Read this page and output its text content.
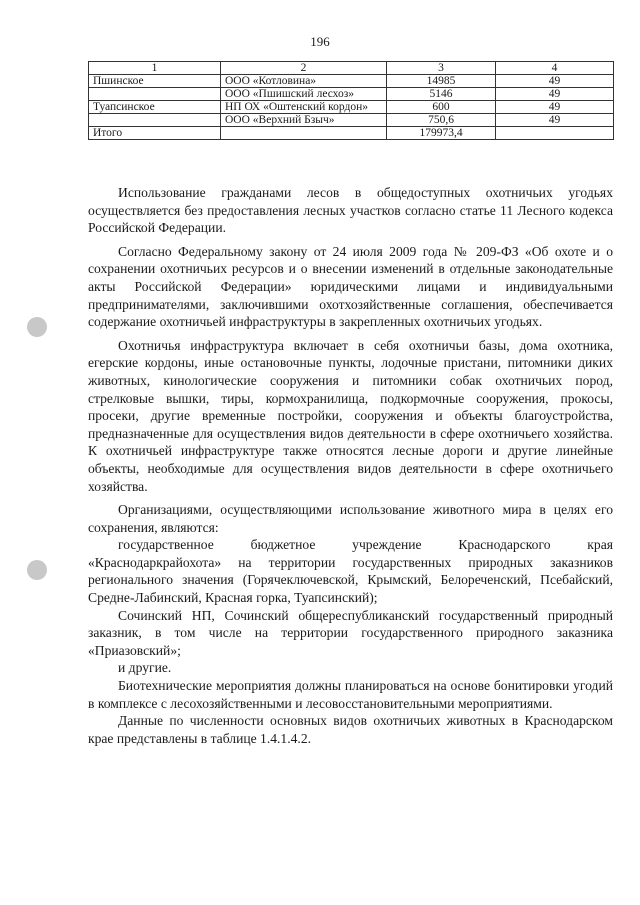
196
1	2	3	4
Пшинское	ООО «Котловина»	14985	49
	ООО «Пшишский лесхоз»	5146	49
Туапсинское	НП ОХ «Оштенский кордон»	600	49
	ООО «Верхний Бзыч»	750,6	49
Итого		179973,4	

Использование гражданами лесов в общедоступных охотничьих угодьях осуществляется без предоставления лесных участков согласно статье 11 Лесного кодекса Российской Федерации.

Согласно Федеральному закону от 24 июля 2009 года № 209-ФЗ «Об охоте и о сохранении охотничьих ресурсов и о внесении изменений в отдельные законодательные акты Российской Федерации» юридическими лицами и индивидуальными предпринимателями, заключившими охотхозяйственные соглашения, обеспечивается содержание охотничьей инфраструктуры в закрепленных охотничьих угодьях.

Охотничья инфраструктура включает в себя охотничьи базы, дома охотника, егерские кордоны, иные остановочные пункты, лодочные пристани, питомники диких животных, кинологические сооружения и питомники собак охотничьих пород, стрелковые вышки, тиры, кормохранилища, подкормочные сооружения, прокосы, просеки, другие временные постройки, сооружения и объекты благоустройства, предназначенные для осуществления видов деятельности в сфере охотничьего хозяйства. К охотничьей инфраструктуре также относятся лесные дороги и другие линейные объекты, необходимые для осуществления видов деятельности в сфере охотничьего хозяйства.

Организациями, осуществляющими использование животного мира в целях его сохранения, являются:

государственное бюджетное учреждение Краснодарского края «Краснодаркрайохота» на территории государственных природных заказников регионального значения (Горячеключевской, Крымский, Белореченский, Псебайский, Средне-Лабинский, Красная горка, Туапсинский);

Сочинский НП, Сочинский общереспубликанский государственный природный заказник, в том числе на территории государственного природного заказника «Приазовский»;

и другие.

Биотехнические мероприятия должны планироваться на основе бонитировки угодий в комплексе с лесохозяйственными и лесовосстановительными мероприятиями.

Данные по численности основных видов охотничьих животных в Краснодарском крае представлены в таблице 1.4.1.4.2.
